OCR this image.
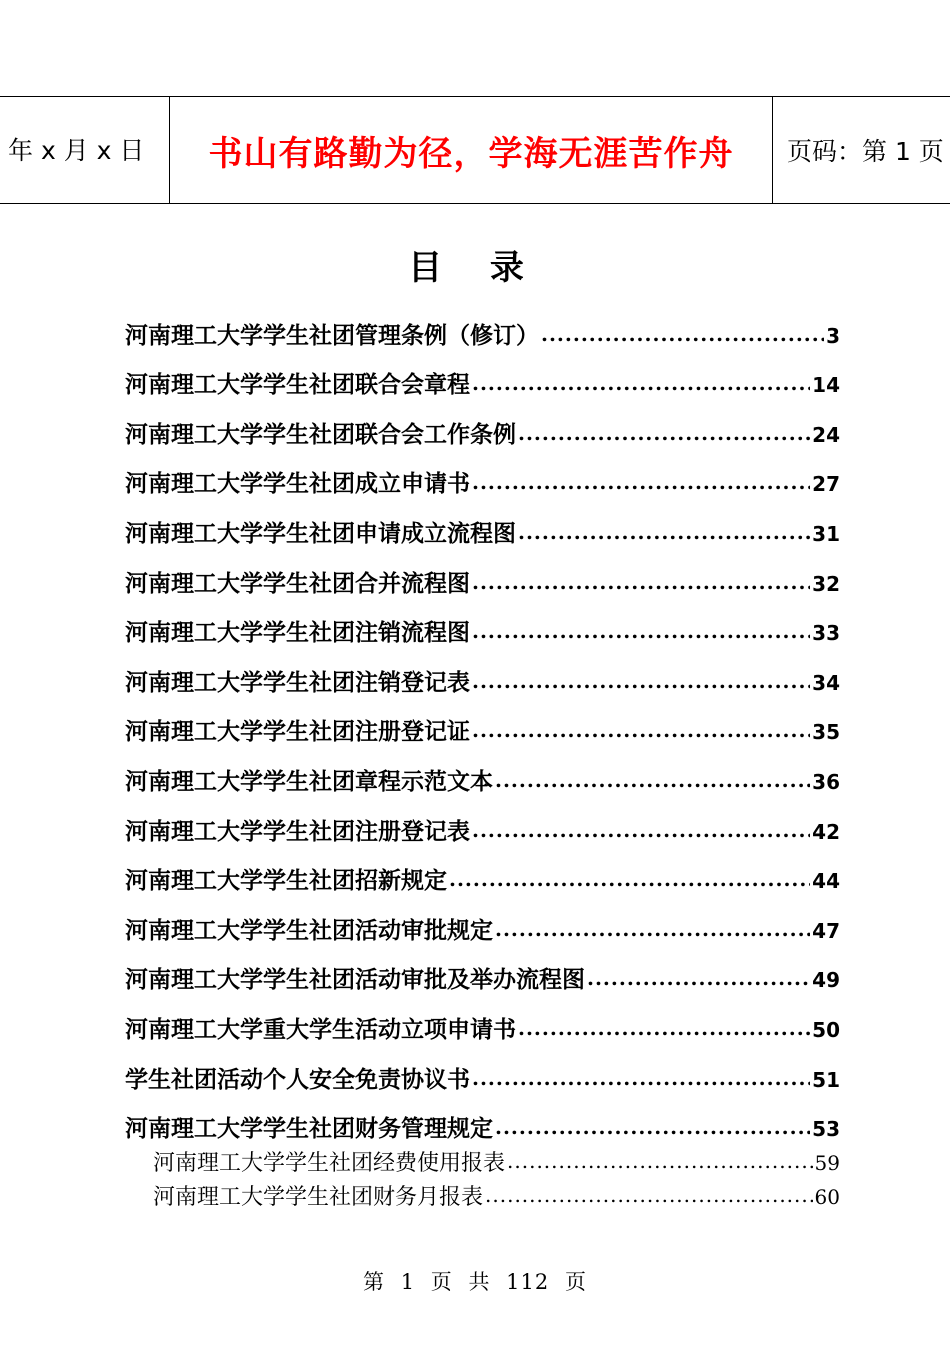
年 x 月 x 日	书山有路勤为径，学海无涯苦作舟	页码：第 1 页
目 录
河南理工大学学生社团管理条例（修订） .....	3
河南理工大学学生社团联合会章程 .....	14
河南理工大学学生社团联合会工作条例 .....	24
河南理工大学学生社团成立申请书 .....	27
河南理工大学学生社团申请成立流程图 .....	31
河南理工大学学生社团合并流程图 .....	32
河南理工大学学生社团注销流程图 .....	33
河南理工大学学生社团注销登记表 .....	34
河南理工大学学生社团注册登记证 .....	35
河南理工大学学生社团章程示范文本 .....	36
河南理工大学学生社团注册登记表 .....	42
河南理工大学学生社团招新规定 .....	44
河南理工大学学生社团活动审批规定 .....	47
河南理工大学学生社团活动审批及举办流程图 .....	49
河南理工大学重大学生活动立项申请书 .....	50
学生社团活动个人安全免责协议书 .....	51
河南理工大学学生社团财务管理规定 .....	53
河南理工大学学生社团经费使用报表 .....	59
河南理工大学学生社团财务月报表 .....	60
第 1 页 共 112 页
